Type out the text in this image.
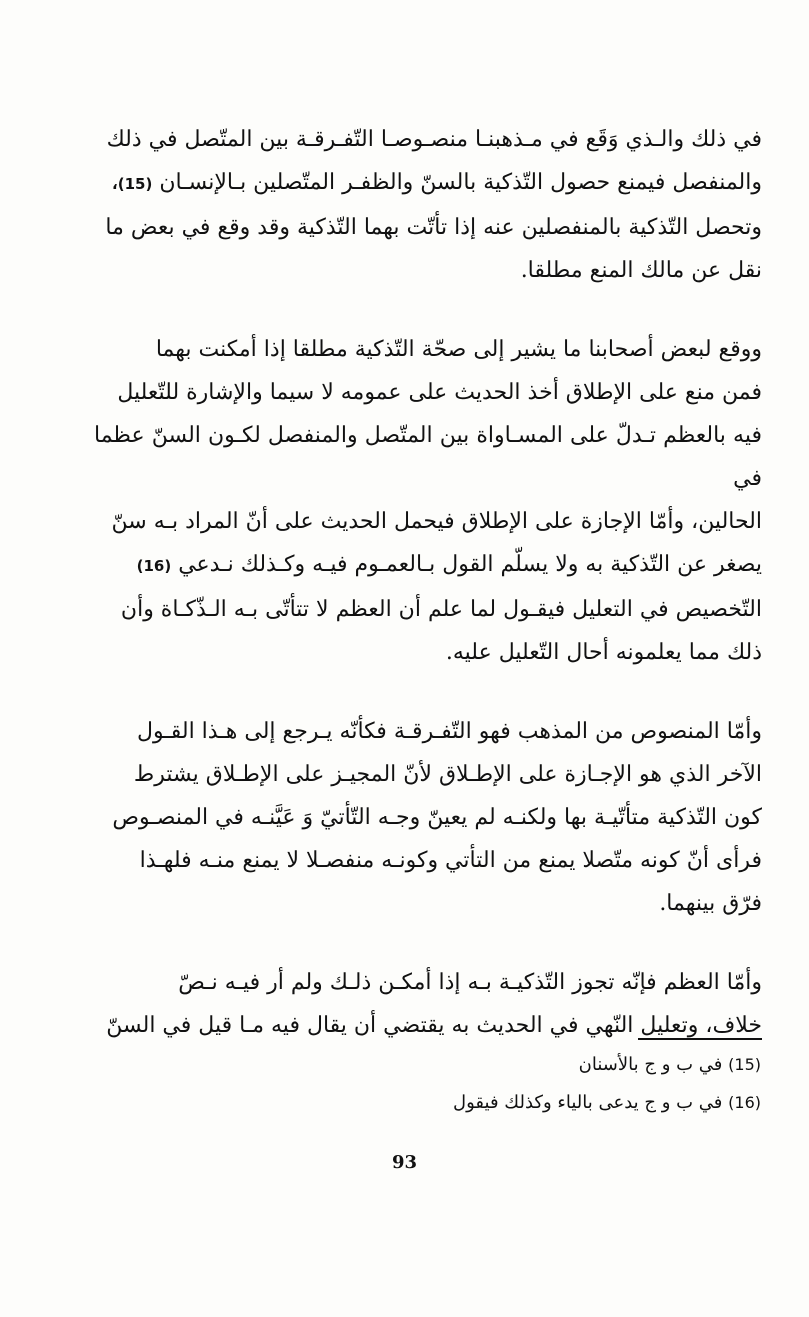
في ذلك والـذي وَقَع في مـذهبنـا منصـوصـا التّفـرقـة بين المتّصل في ذلك
والمنفصل فيمنع حصول التّذكية بالسنّ والظفـر المتّصلين بـالإنسـان (15)،
وتحصل التّذكية بالمنفصلين عنه إذا تأتّت بهما التّذكية وقد وقع في بعض ما
نقل عن مالك المنع مطلقا.

ووقع لبعض أصحابنا ما يشير إلى صحّة التّذكية مطلقا إذا أمكنت بهما
فمن منع على الإطلاق أخذ الحديث على عمومه لا سيما والإشارة للتّعليل
فيه بالعظم تـدلّ على المسـاواة بين المتّصل والمنفصل لكـون السنّ عظما في
الحالين، وأمّا الإجازة على الإطلاق فيحمل الحديث على أنّ المراد بـه سنّ
يصغر عن التّذكية به ولا يسلّم القول بـالعمـوم فيـه وكـذلك نـدعي (16)
التّخصيص في التعليل فيقـول لما علم أن العظم لا تتأتّى بـه الـذّكـاة وأن
ذلك مما يعلمونه أحال التّعليل عليه.

وأمّا المنصوص من المذهب فهو التّفـرقـة فكأنّه يـرجع إلى هـذا القـول
الآخر الذي هو الإجـازة على الإطـلاق لأنّ المجيـز على الإطـلاق يشترط
كون التّذكية متأتّيـة بها ولكنـه لم يعينّ وجـه التّأتيّ وَ عَيَّنـه في المنصـوص
فرأى أنّ كونه متّصلا يمنع من التأتي وكونـه منفصـلا لا يمنع منـه فلهـذا
فرّق بينهما.

وأمّا العظم فإنّه تجوز التّذكيـة بـه إذا أمكـن ذلـك ولم أر فيـه نـصّ
خلاف، وتعليل النّهي في الحديث به يقتضي أن يقال فيه مـا قيل في السنّ

(15) في ب و ج بالأسنان
(16) في ب و ج يدعى بالياء وكذلك فيقول
93
